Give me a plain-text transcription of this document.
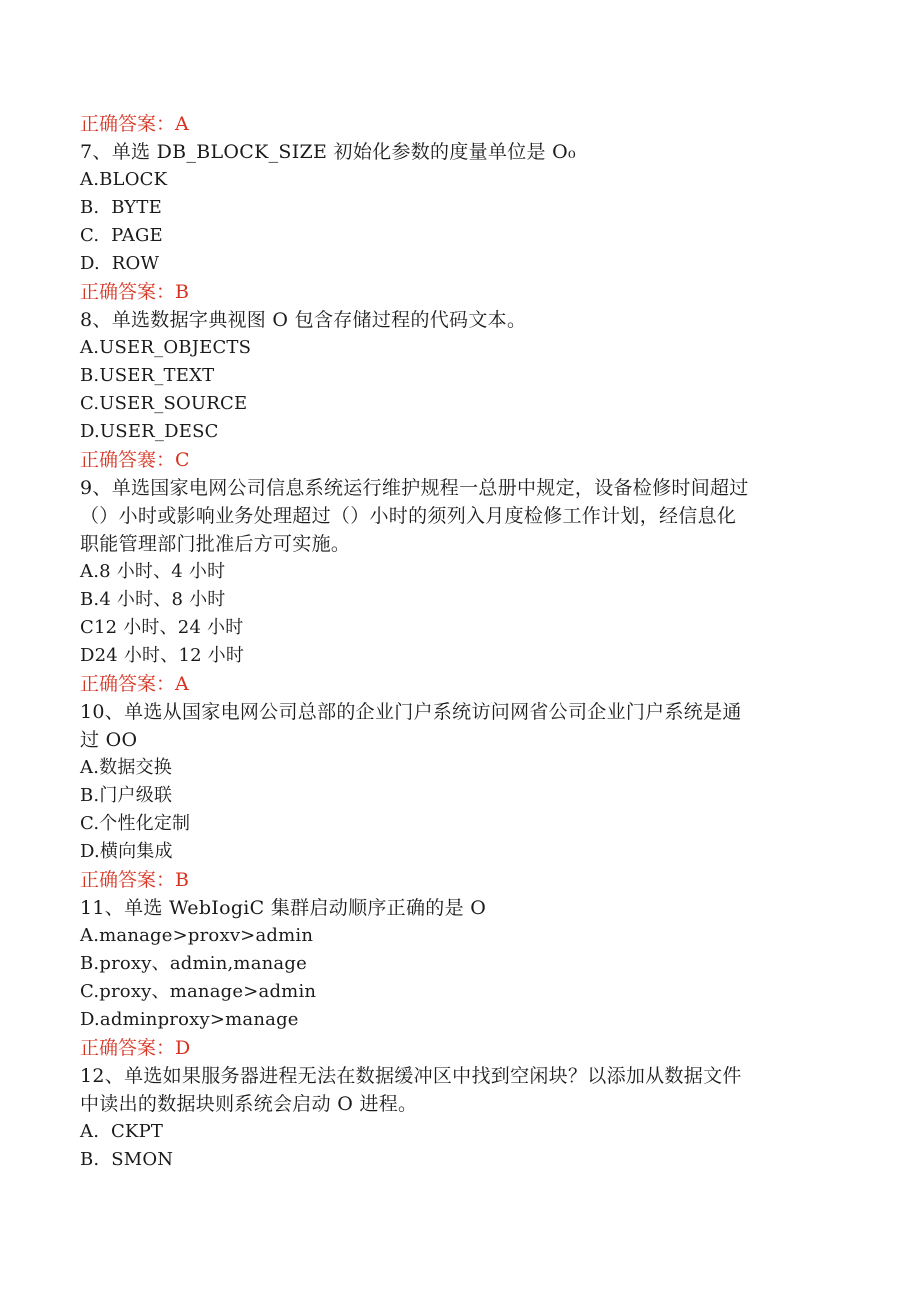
正确答案：A
7、单选 DB_BLOCK_SIZE 初始化参数的度量单位是 O₀
A.BLOCK
B.  BYTE
C.  PAGE
D.  ROW
正确答案：B
8、单选数据字典视图 O 包含存储过程的代码文本。
A.USER_OBJECTS
B.USER_TEXT
C.USER_SOURCE
D.USER_DESC
正确答褰：C
9、单选国家电网公司信息系统运行维护规程一总册中规定，设备检修时间超过
（）小时或影响业务处理超过（）小时的须列入月度检修工作计划，经信息化
职能管理部门批准后方可实施。
A.8 小时、4 小时
B.4 小时、8 小时
C12 小时、24 小时
D24 小时、12 小时
正确答案：A
10、单选从国家电网公司总部的企业门户系统访问网省公司企业门户系统是通
过 OO
A.数据交换
B.门户级联
C.个性化定制
D.横向集成
正确答案：B
11、单选 WebIogiC 集群启动顺序正确的是 O
A.manage>proxv>admin
B.proxy、admin,manage
C.proxy、manage>admin
D.adminproxy>manage
正确答案：D
12、单选如果服务器进程无法在数据缓冲区中找到空闲块？以添加从数据文件
中读出的数据块则系统会启动 O 进程。
A.  CKPT
B.  SMON
